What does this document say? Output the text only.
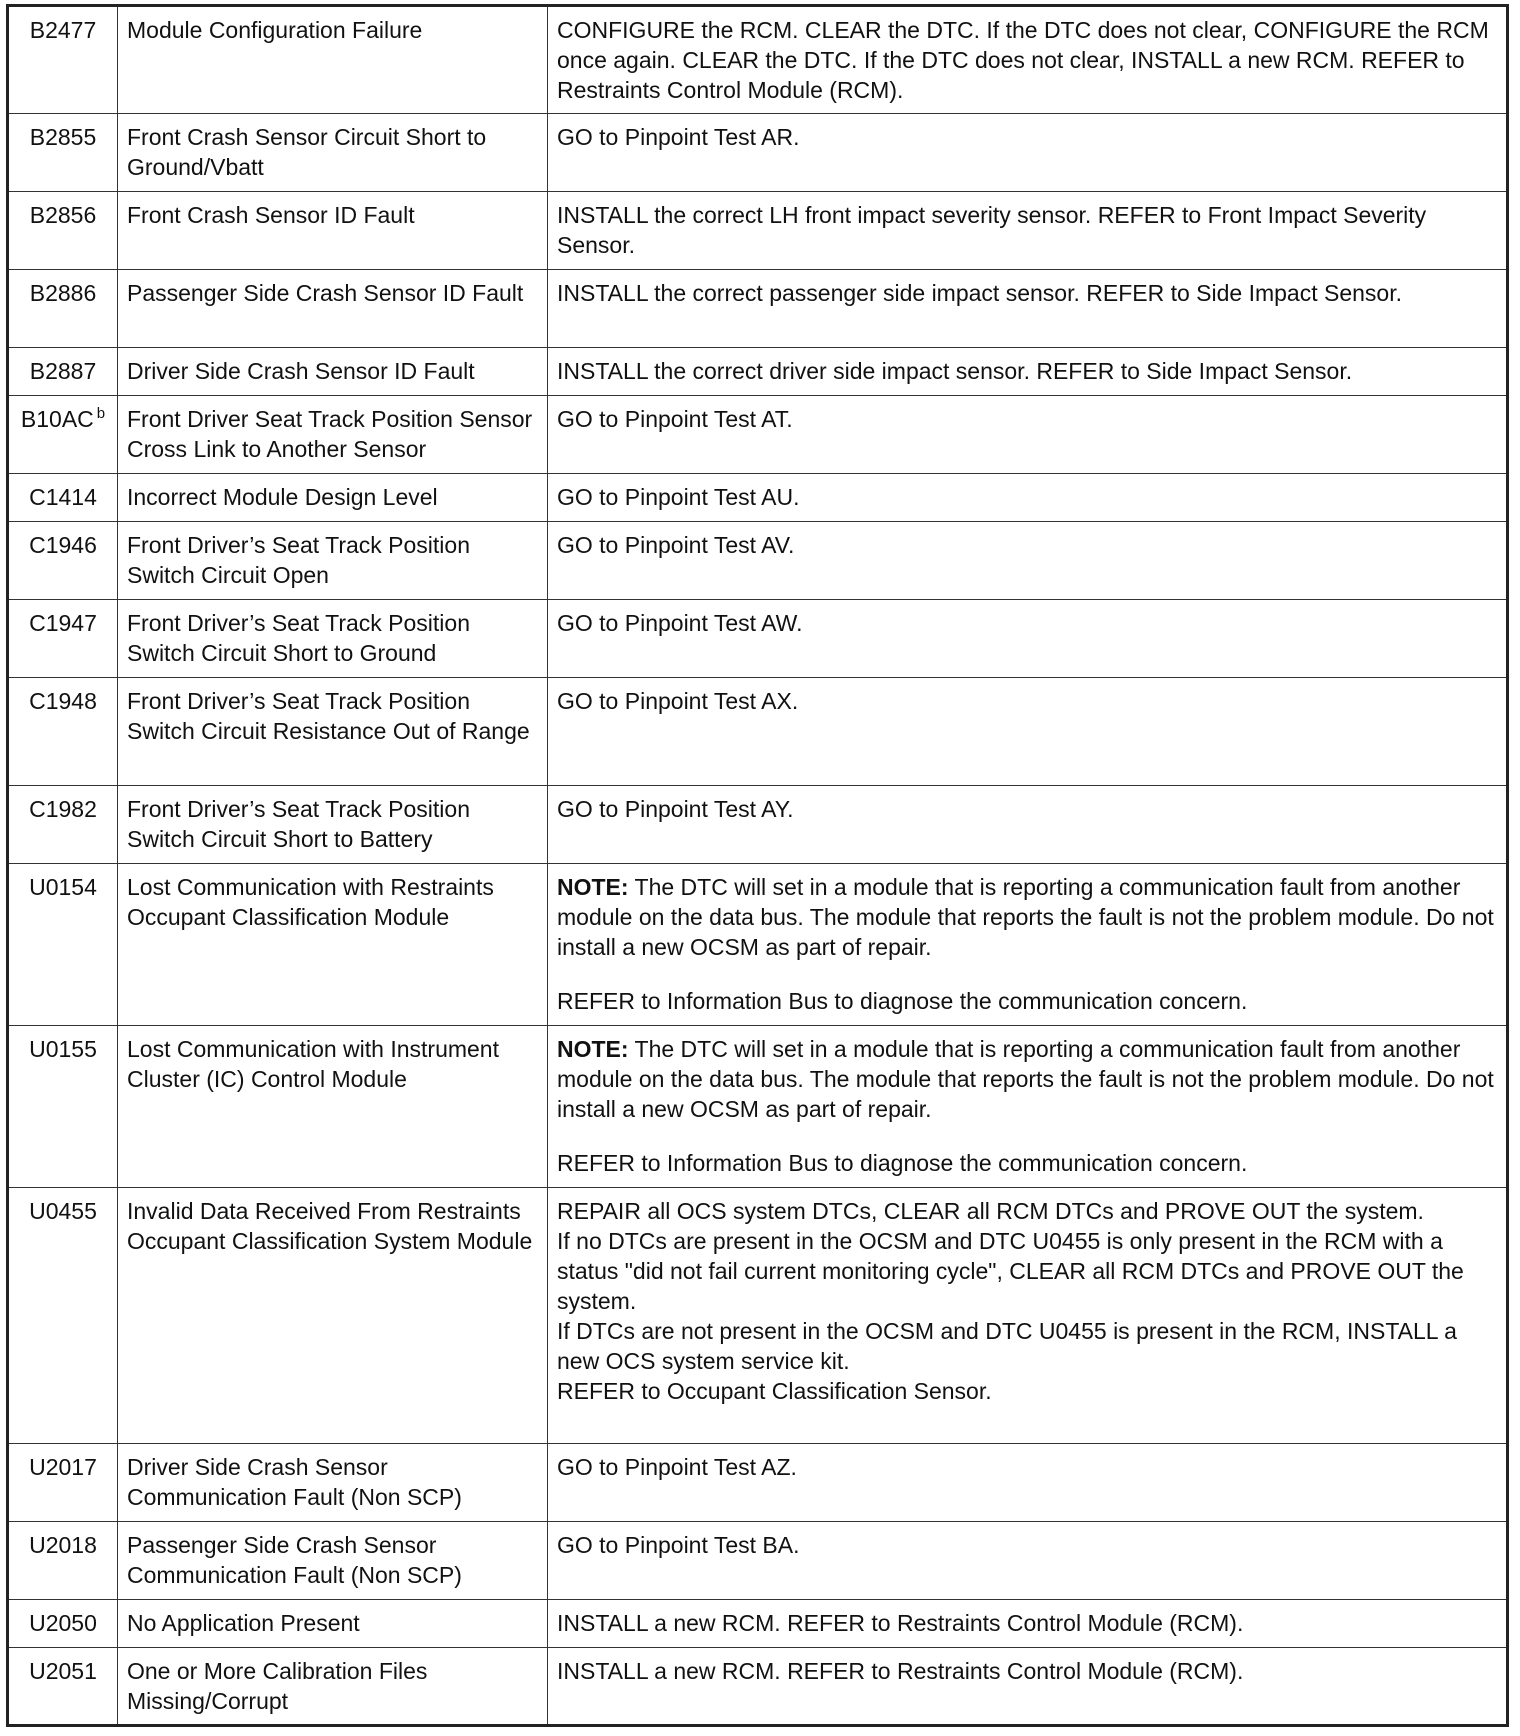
B2477	Module Configuration Failure	CONFIGURE the RCM. CLEAR the DTC. If the DTC does not clear, CONFIGURE the RCM once again. CLEAR the DTC. If the DTC does not clear, INSTALL a new RCM. REFER to Restraints Control Module (RCM).
B2855	Front Crash Sensor Circuit Short to Ground/Vbatt	GO to Pinpoint Test AR.
B2856	Front Crash Sensor ID Fault	INSTALL the correct LH front impact severity sensor. REFER to Front Impact Severity Sensor.
B2886	Passenger Side Crash Sensor ID Fault	INSTALL the correct passenger side impact sensor. REFER to Side Impact Sensor.
B2887	Driver Side Crash Sensor ID Fault	INSTALL the correct driver side impact sensor. REFER to Side Impact Sensor.
B10AC $^b$	Front Driver Seat Track Position Sensor Cross Link to Another Sensor	GO to Pinpoint Test AT.
C1414	Incorrect Module Design Level	GO to Pinpoint Test AU.
C1946	Front Driver’s Seat Track Position Switch Circuit Open	GO to Pinpoint Test AV.
C1947	Front Driver’s Seat Track Position Switch Circuit Short to Ground	GO to Pinpoint Test AW.
C1948	Front Driver’s Seat Track Position Switch Circuit Resistance Out of Range	GO to Pinpoint Test AX.
C1982	Front Driver’s Seat Track Position Switch Circuit Short to Battery	GO to Pinpoint Test AY.
U0154	Lost Communication with Restraints Occupant Classification Module	NOTE: The DTC will set in a module that is reporting a communication fault from another module on the data bus. The module that reports the fault is not the problem module. Do not install a new OCSM as part of repair.
REFER to Information Bus to diagnose the communication concern.

U0155	Lost Communication with Instrument Cluster (IC) Control Module	NOTE: The DTC will set in a module that is reporting a communication fault from another module on the data bus. The module that reports the fault is not the problem module. Do not install a new OCSM as part of repair.
REFER to Information Bus to diagnose the communication concern.

U0455	Invalid Data Received From Restraints Occupant Classification System Module	REPAIR all OCS system DTCs, CLEAR all RCM DTCs and PROVE OUT the system.
If no DTCs are present in the OCSM and DTC U0455 is only present in the RCM with a status "did not fail current monitoring cycle", CLEAR all RCM DTCs and PROVE OUT the system.
If DTCs are not present in the OCSM and DTC U0455 is present in the RCM, INSTALL a new OCS system service kit.
REFER to Occupant Classification Sensor.

U2017	Driver Side Crash Sensor Communication Fault (Non SCP)	GO to Pinpoint Test AZ.
U2018	Passenger Side Crash Sensor Communication Fault (Non SCP)	GO to Pinpoint Test BA.
U2050	No Application Present	INSTALL a new RCM. REFER to Restraints Control Module (RCM).
U2051	One or More Calibration Files Missing/Corrupt	INSTALL a new RCM. REFER to Restraints Control Module (RCM).
